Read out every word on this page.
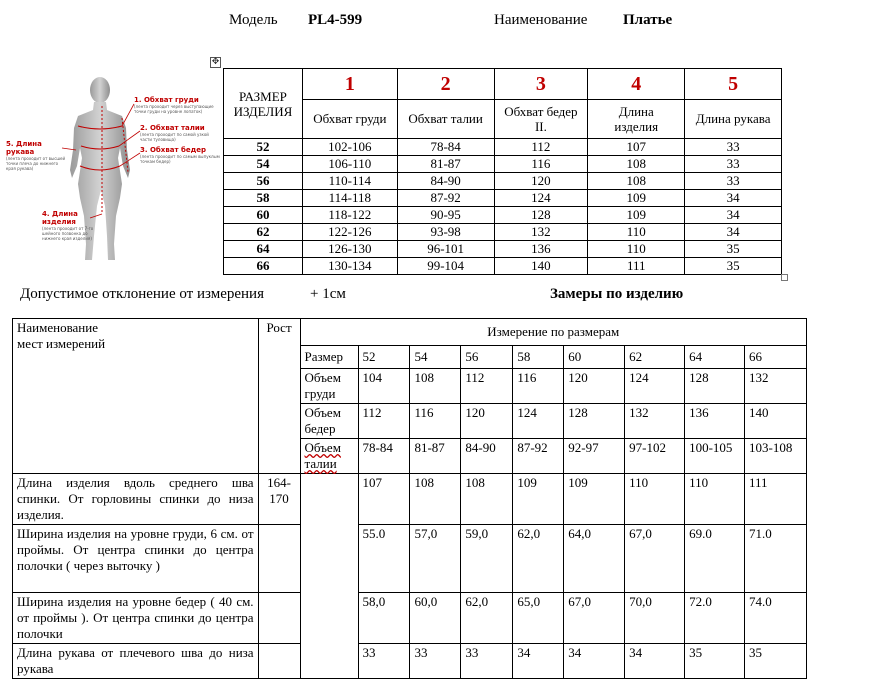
Модель PL4-599	Наименование Платье
✥
1. Обхват груди
(лента проходит через выступающие точки груди на уровне лопаток)
2. Обхват талии
(лента проходит по самой узкой части туловища)
3. Обхват бедер
(лента проходит по самым выпуклым точкам бедер)
5. Длина рукава
(лента проходит от высшей точки плеча до нижнего края рукава)
4. Длина изделия
(лента проходит от 7-го шейного позвонка до нижнего края изделия)
РАЗМЕР ИЗДЕЛИЯ	1	2	3	4	5
	Обхват груди	Обхват талии	Обхват бедер II.	Длина изделия	Длина рукава
52	102-106	78-84	112	107	33
54	106-110	81-87	116	108	33
56	110-114	84-90	120	108	33
58	114-118	87-92	124	109	34
60	118-122	90-95	128	109	34
62	122-126	93-98	132	110	34
64	126-130	96-101	136	110	35
66	130-134	99-104	140	111	35
Допустимое отклонение от измерения	+ 1см	Замеры по изделию
Наименование
мест измерений	Рост	Измерение по размерам								
		Размер	52	54	56	58	60	62	64	66
		Объем груди	104	108	112	116	120	124	128	132
		Объем бедер	112	116	120	124	128	132	136	140
		Объем талии	78-84	81-87	84-90	87-92	92-97	97-102	100-105	103-108
Длина изделия вдоль среднего шва спинки. От горловины спинки до низа изделия.	164-170		107	108	108	109	109	110	110	111
Ширина изделия на уровне груди, 6 см. от проймы. От центра спинки до центра полочки ( через выточку )			55.0	57,0	59,0	62,0	64,0	67,0	69.0	71.0
Ширина изделия на уровне бедер ( 40 см. от проймы ). От центра спинки до центра полочки			58,0	60,0	62,0	65,0	67,0	70,0	72.0	74.0
Длина рукава от плечевого шва до низа рукава			33	33	33	34	34	34	35	35
